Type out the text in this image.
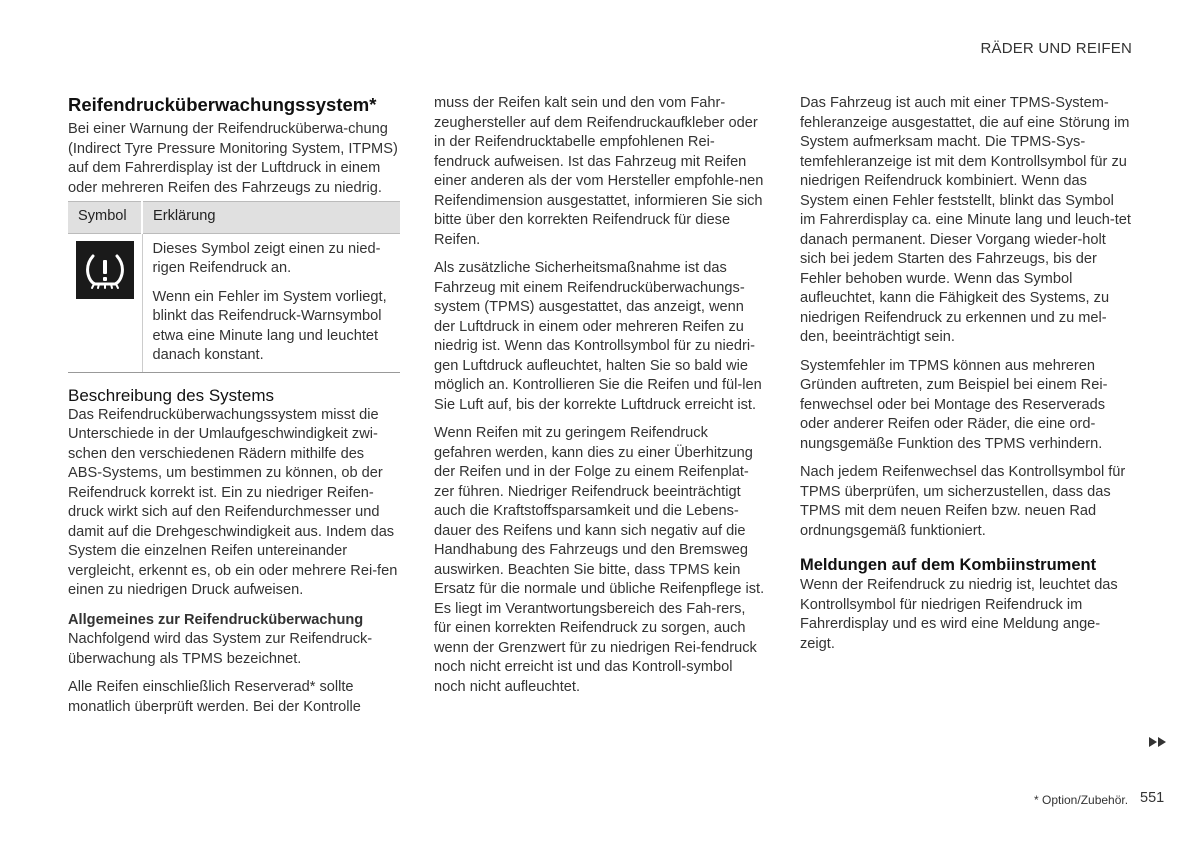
RÄDER UND REIFEN
Reifendrucküberwachungssystem*

Bei einer Warnung der Reifendrucküberwa-chung (Indirect Tyre Pressure Monitoring System, ITPMS) auf dem Fahrerdisplay ist der Luftdruck in einem oder mehreren Reifen des Fahrzeugs zu niedrig.

Symbol	Erklärung

Dieses Symbol zeigt einen zu nied-rigen Reifendruck an.

Wenn ein Fehler im System vorliegt, blinkt das Reifendruck-Warnsymbol etwa eine Minute lang und leuchtet danach konstant.

Beschreibung des Systems

Das Reifendrucküberwachungssystem misst die Unterschiede in der Umlaufgeschwindigkeit zwi-schen den verschiedenen Rädern mithilfe des ABS-Systems, um bestimmen zu können, ob der Reifendruck korrekt ist. Ein zu niedriger Reifen-druck wirkt sich auf den Reifendurchmesser und damit auf die Drehgeschwindigkeit aus. Indem das System die einzelnen Reifen untereinander vergleicht, erkennt es, ob ein oder mehrere Rei-fen einen zu niedrigen Druck aufweisen.

Allgemeines zur Reifendrucküberwachung

Nachfolgend wird das System zur Reifendruck-überwachung als TPMS bezeichnet.

Alle Reifen einschließlich Reserverad* sollte monatlich überprüft werden. Bei der Kontrolle

muss der Reifen kalt sein und den vom Fahr-zeughersteller auf dem Reifendruckaufkleber oder in der Reifendrucktabelle empfohlenen Rei-fendruck aufweisen. Ist das Fahrzeug mit Reifen einer anderen als der vom Hersteller empfohle-nen Reifendimension ausgestattet, informieren Sie sich bitte über den korrekten Reifendruck für diese Reifen.

Als zusätzliche Sicherheitsmaßnahme ist das Fahrzeug mit einem Reifendrucküberwachungs-system (TPMS) ausgestattet, das anzeigt, wenn der Luftdruck in einem oder mehreren Reifen zu niedrig ist. Wenn das Kontrollsymbol für zu niedri-gen Luftdruck aufleuchtet, halten Sie so bald wie möglich an. Kontrollieren Sie die Reifen und fül-len Sie Luft auf, bis der korrekte Luftdruck erreicht ist.

Wenn Reifen mit zu geringem Reifendruck gefahren werden, kann dies zu einer Überhitzung der Reifen und in der Folge zu einem Reifenplat-zer führen. Niedriger Reifendruck beeinträchtigt auch die Kraftstoffsparsamkeit und die Lebens-dauer des Reifens und kann sich negativ auf die Handhabung des Fahrzeugs und den Bremsweg auswirken. Beachten Sie bitte, dass TPMS kein Ersatz für die normale und übliche Reifenpflege ist. Es liegt im Verantwortungsbereich des Fah-rers, für einen korrekten Reifendruck zu sorgen, auch wenn der Grenzwert für zu niedrigen Rei-fendruck noch nicht erreicht ist und das Kontroll-symbol noch nicht aufleuchtet.

Das Fahrzeug ist auch mit einer TPMS-System-fehleranzeige ausgestattet, die auf eine Störung im System aufmerksam macht. Die TPMS-Sys-temfehleranzeige ist mit dem Kontrollsymbol für zu niedrigen Reifendruck kombiniert. Wenn das System einen Fehler feststellt, blinkt das Symbol im Fahrerdisplay ca. eine Minute lang und leuch-tet danach permanent. Dieser Vorgang wieder-holt sich bei jedem Starten des Fahrzeugs, bis der Fehler behoben wurde. Wenn das Symbol aufleuchtet, kann die Fähigkeit des Systems, zu niedrigen Reifendruck zu erkennen und zu mel-den, beeinträchtigt sein.

Systemfehler im TPMS können aus mehreren Gründen auftreten, zum Beispiel bei einem Rei-fenwechsel oder bei Montage des Reserverads oder anderer Reifen oder Räder, die eine ord-nungsgemäße Funktion des TPMS verhindern.

Nach jedem Reifenwechsel das Kontrollsymbol für TPMS überprüfen, um sicherzustellen, dass das TPMS mit dem neuen Reifen bzw. neuen Rad ordnungsgemäß funktioniert.

Meldungen auf dem Kombiinstrument

Wenn der Reifendruck zu niedrig ist, leuchtet das Kontrollsymbol für niedrigen Reifendruck im Fahrerdisplay und es wird eine Meldung ange-zeigt.

* Option/Zubehör. 551
